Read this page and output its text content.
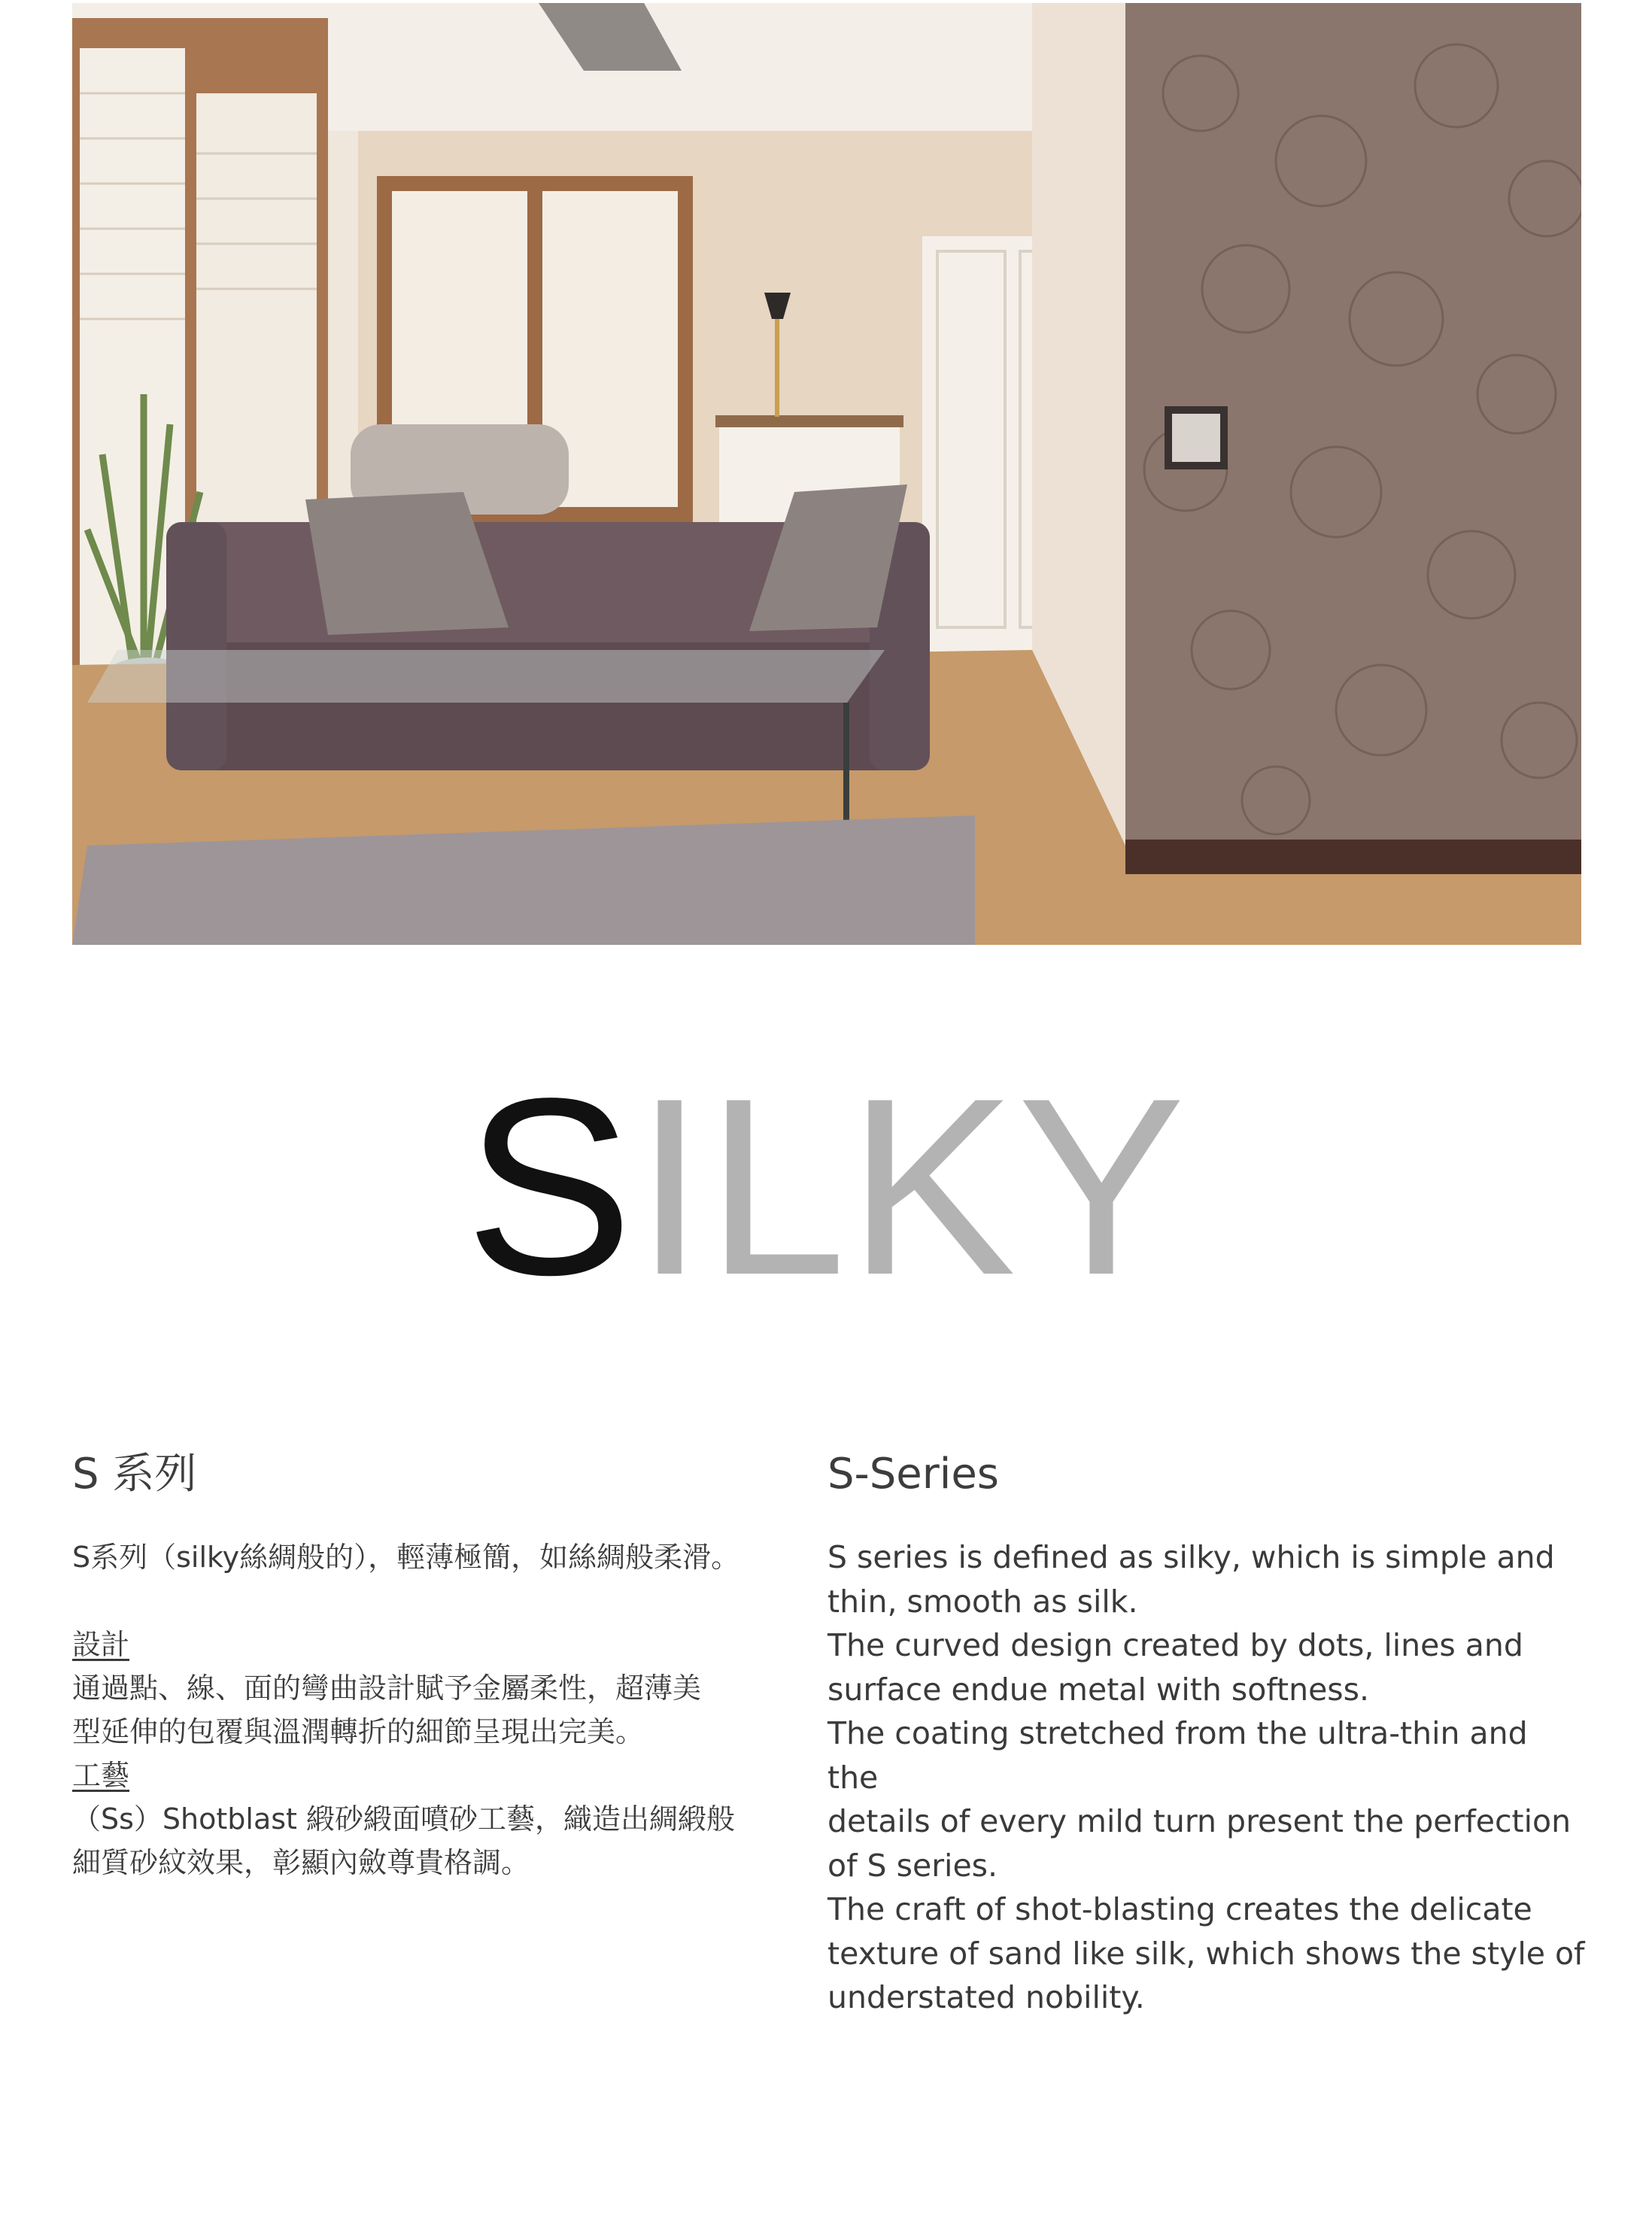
SILKY
S 系列

S系列（silky絲綢般的），輕薄極簡，如絲綢般柔滑。

設計

通過點、線、面的彎曲設計賦予金屬柔性，超薄美

型延伸的包覆與溫潤轉折的細節呈現出完美。

工藝

（Ss）Shotblast 緞砂緞面噴砂工藝，織造出綢緞般

細質砂紋效果，彰顯內斂尊貴格調。

S-Series

S series is defined as silky, which is simple and

thin, smooth as silk.

The curved design created by dots, lines and

surface endue metal with softness.

The coating stretched from the ultra-thin and the

details of every mild turn present the perfection

of S series.

The craft of shot-blasting creates the delicate

texture of sand like silk, which shows the style of

understated nobility.
